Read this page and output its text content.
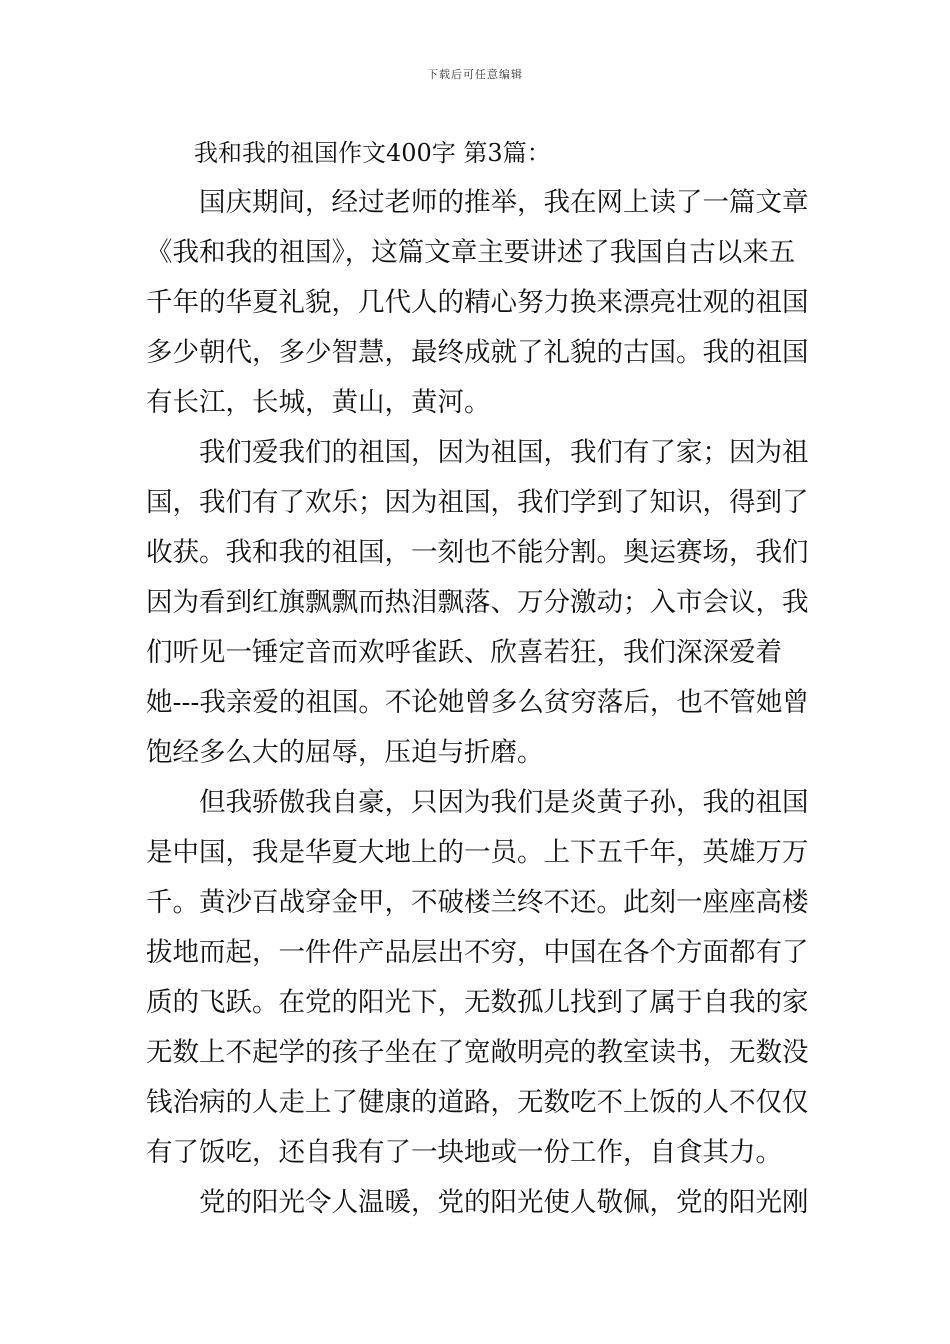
下载后可任意编辑
我和我的祖国作文400字 第3篇：
国庆期间，经过老师的推举，我在网上读了一篇文章
《我和我的祖国》，这篇文章主要讲述了我国自古以来五
千年的华夏礼貌，几代人的精心努力换来漂亮壮观的祖国
多少朝代，多少智慧，最终成就了礼貌的古国。我的祖国
有长江，长城，黄山，黄河。
我们爱我们的祖国，因为祖国，我们有了家；因为祖
国，我们有了欢乐；因为祖国，我们学到了知识，得到了
收获。我和我的祖国，一刻也不能分割。奥运赛场，我们
因为看到红旗飘飘而热泪飘落、万分激动；入市会议，我
们听见一锤定音而欢呼雀跃、欣喜若狂，我们深深爱着
她---我亲爱的祖国。不论她曾多么贫穷落后，也不管她曾
饱经多么大的屈辱，压迫与折磨。
但我骄傲我自豪，只因为我们是炎黄子孙，我的祖国
是中国，我是华夏大地上的一员。上下五千年，英雄万万
千。黄沙百战穿金甲，不破楼兰终不还。此刻一座座高楼
拔地而起，一件件产品层出不穷，中国在各个方面都有了
质的飞跃。在党的阳光下，无数孤儿找到了属于自我的家
无数上不起学的孩子坐在了宽敞明亮的教室读书，无数没
钱治病的人走上了健康的道路，无数吃不上饭的人不仅仅
有了饭吃，还自我有了一块地或一份工作，自食其力。
党的阳光令人温暖，党的阳光使人敬佩，党的阳光刚
